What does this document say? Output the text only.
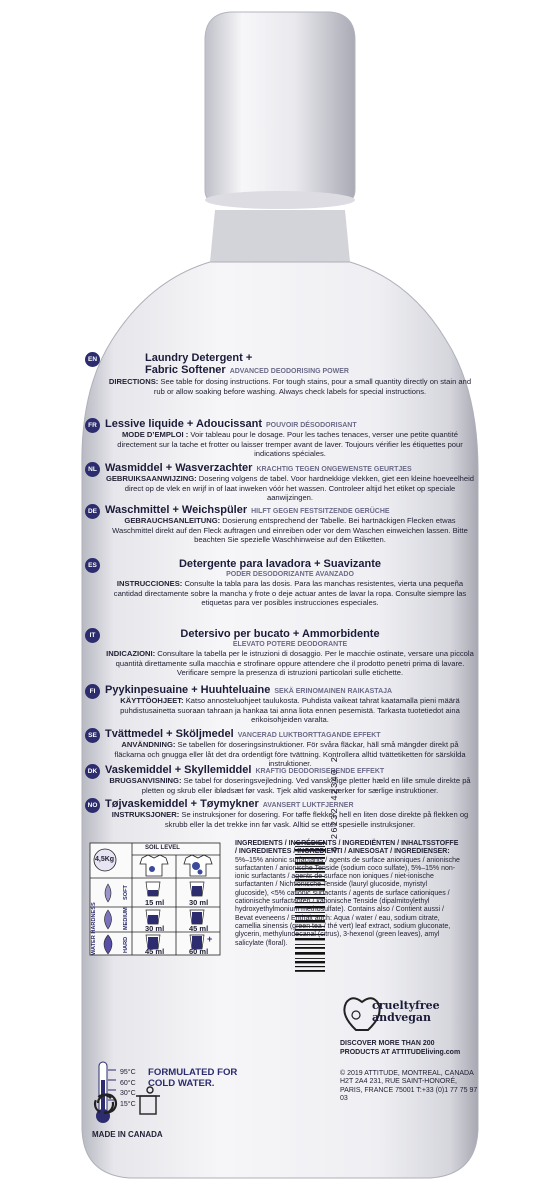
+
EN	Laundry Detergent +
Fabric Softener ADVANCED DEODORISING POWER
DIRECTIONS: See table for dosing instructions. For tough stains, pour a small quantity directly on stain and rub or allow soaking before washing. Always check labels for special instructions.
FR Lessive liquide + Adoucissant POUVOIR DÉSODORISANT
MODE D’EMPLOI : Voir tableau pour le dosage. Pour les taches tenaces, verser une petite quantité directement sur la tache et frotter ou laisser tremper avant de laver. Toujours vérifier les étiquettes pour indications spéciales.
NL Wasmiddel + Wasverzachter KRACHTIG TEGEN ONGEWENSTE GEURTJES
GEBRUIKSAANWIJZING: Dosering volgens de tabel. Voor hardnekkige vlekken, giet een kleine hoeveelheid direct op de vlek en wrijf in of laat inweken vóór het wassen. Controleer altijd het etiket op speciale aanwijzingen.
DE Waschmittel + Weichspüler HILFT GEGEN FESTSITZENDE GERÜCHE
GEBRAUCHSANLEITUNG: Dosierung entsprechend der Tabelle. Bei hartnäckigen Flecken etwas Waschmittel direkt auf den Fleck auftragen und einreiben oder vor dem Waschen einweichen lassen. Bitte beachten Sie spezielle Waschhinweise auf den Etiketten.
ES	Detergente para lavadora + Suavizante
PODER DESODORIZANTE AVANZADO
INSTRUCCIONES: Consulte la tabla para las dosis. Para las manchas resistentes, vierta una pequeña cantidad directamente sobre la mancha y frote o deje actuar antes de lavar la ropa. Consulte siempre las etiquetas para ver posibles instrucciones especiales.
IT	Detersivo per bucato + Ammorbidente
ELEVATO POTERE DEODORANTE
INDICAZIONI: Consultare la tabella per le istruzioni di dosaggio. Per le macchie ostinate, versare una piccola quantità direttamente sulla macchia e strofinare oppure attendere che il prodotto penetri prima di lavare. Verificare sempre la presenza di istruzioni particolari sulle etichette.
FI Pyykinpesuaine + Huuhteluaine SEKÄ ERINOMAINEN RAIKASTAJA
KÄYTTÖOHJEET: Katso annosteluohjeet taulukosta. Puhdista vaikeat tahrat kaatamalla pieni määrä puhdistusainetta suoraan tahraan ja hankaa tai anna liota ennen pesemistä. Tarkasta tuotetiedot aina erikoisohjeiden varalta.
SE Tvättmedel + Sköljmedel VANCERAD LUKTBORTTAGANDE EFFEKT
ANVÄNDNING: Se tabellen för doseringsinstruktioner. För svåra fläckar, häll små mängder direkt på fläckarna och gnugga eller låt det dra ordentligt före tvättning. Kontrollera alltid tvättetiketten för särskilda instruktioner.
DK Vaskemiddel + Skyllemiddel KRAFTIG DEODORISERENDE EFFEKT
BRUGSANVISNING: Se tabel for doseringsvejledning. Ved vanskelige pletter hæld en lille smule direkte på pletten og skrub eller iblødsæt før vask. Tjek altid vaskemærker for særlige instruktioner.
NO Tøjvaskemiddel + Tøymykner AVANSERT LUKTFJERNER
INSTRUKSJONER: Se instruksjoner for dosering. For tøffe flekker, hell en liten dose direkte på flekken og skrubb eller la det trekke inn før vask. Alltid se etter spesielle instruksjoner.
INGREDIENTS / INGRÉDIENTS / INGREDIËNTEN / INHALTSSTOFFE / INGREDIENTES / INGREDIENTI / AINESOSAT / INGREDIENSER: 5%–15% anionic surfactants / agents de surface anioniques / anionische surfactanten / anionische Tenside (sodium coco sulfate), 5%–15% non-ionic surfactants / agents de surface non ioniques / niet-ionische surfactanten / Nichtionische Tenside (lauryl glucoside, myristyl glucoside), <5% cationic surfactants / agents de surface cationiques / cationische surfactanten / kationische Tenside (dipalmitoylethyl hydroxyethylmonium methosulfate). Contains also / Contient aussi / Bevat eveneens / Enthält auch: Aqua / water / eau, sodium citrate, camellia sinensis (green tea / thé vert) leaf extract, sodium gluconate, glycerin, methylundecanal (citrus), 3-hexenol (green leaves), amyl salicylate (floral).
SOIL LEVEL
4,5Kg
WATER HARDNESS
SOFT
MEDIUM
HARD
15 ml	30 ml
30 ml	45 ml
45 ml	60 ml
95°C
60°C
30°C
15°C
FORMULATED FOR COLD WATER.
6 26232 42340 2
crueltyfree
andvegan
DISCOVER MORE THAN 200 PRODUCTS AT ATTITUDEliving.com
© 2019 ATTITUDE, MONTREAL, CANADA H2T 2A4 231, RUE SAINT-HONORÉ, PARIS, FRANCE 75001 T:+33 (0)1 77 75 97 03
MADE IN CANADA
